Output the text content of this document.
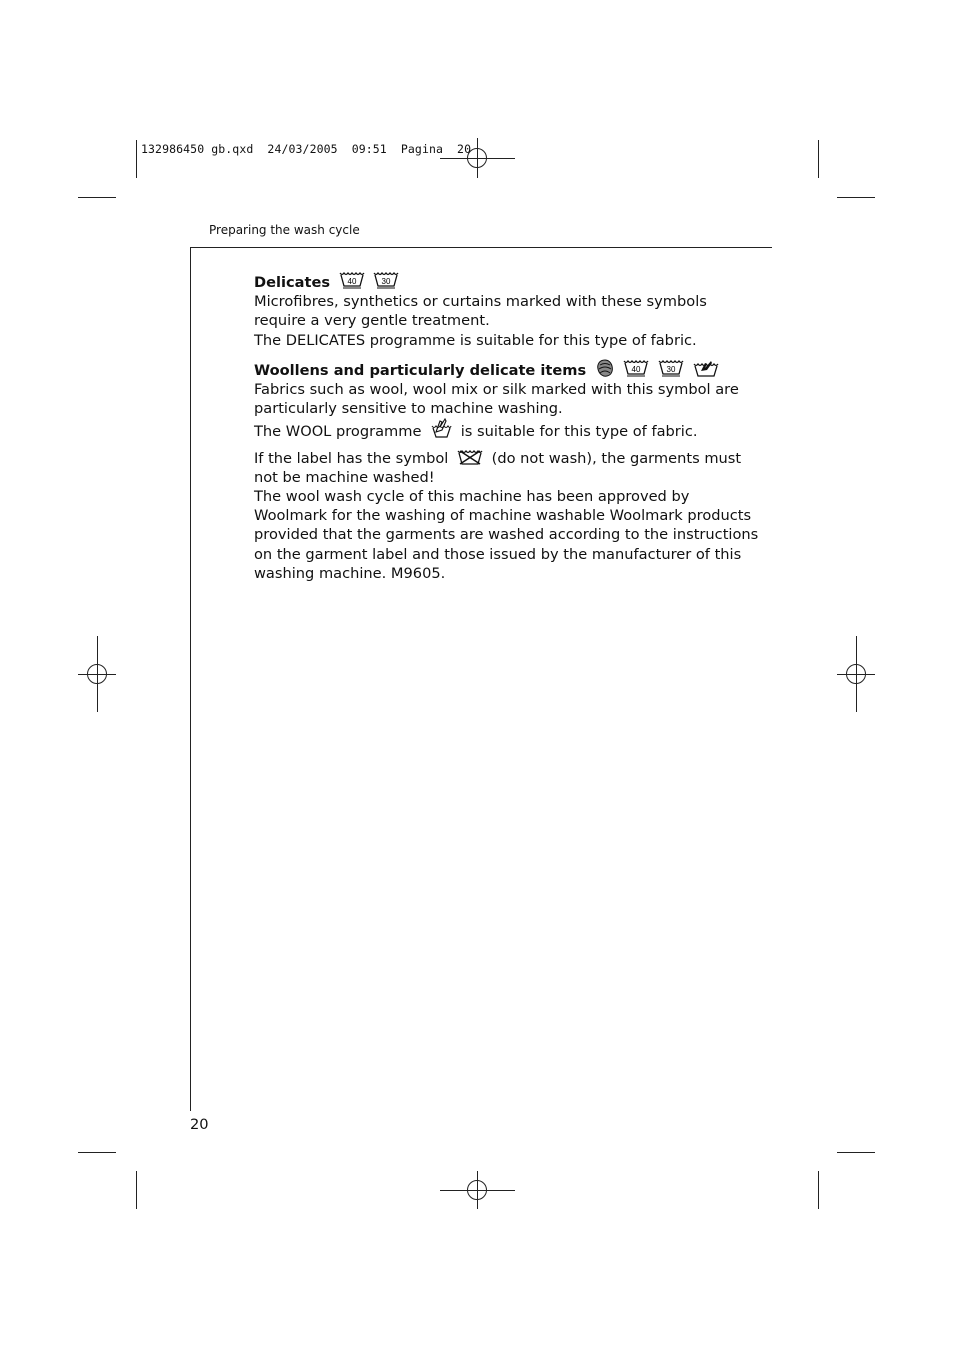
132986450 gb.qxd  24/03/2005  09:51  Pagina  20
Preparing the wash cycle

Delicates 40
	30

Microfibres, synthetics or curtains marked with these symbols require a very gentle treatment.

The DELICATES programme is suitable for this type of fabric.

Woollens and particularly delicate items
	40
	30

Fabrics such as wool, wool mix or silk marked with this symbol are particularly sensitive to machine washing.

The WOOL programme	is suitable for this type of fabric.

If the label has the symbol	(do not wash), the garments must not be machine washed!

The wool wash cycle of this machine has been approved by Woolmark for the washing of machine washable Woolmark products provided that the garments are washed according to the instructions on the garment label and those issued by the manufacturer of this washing machine. M9605.

20
